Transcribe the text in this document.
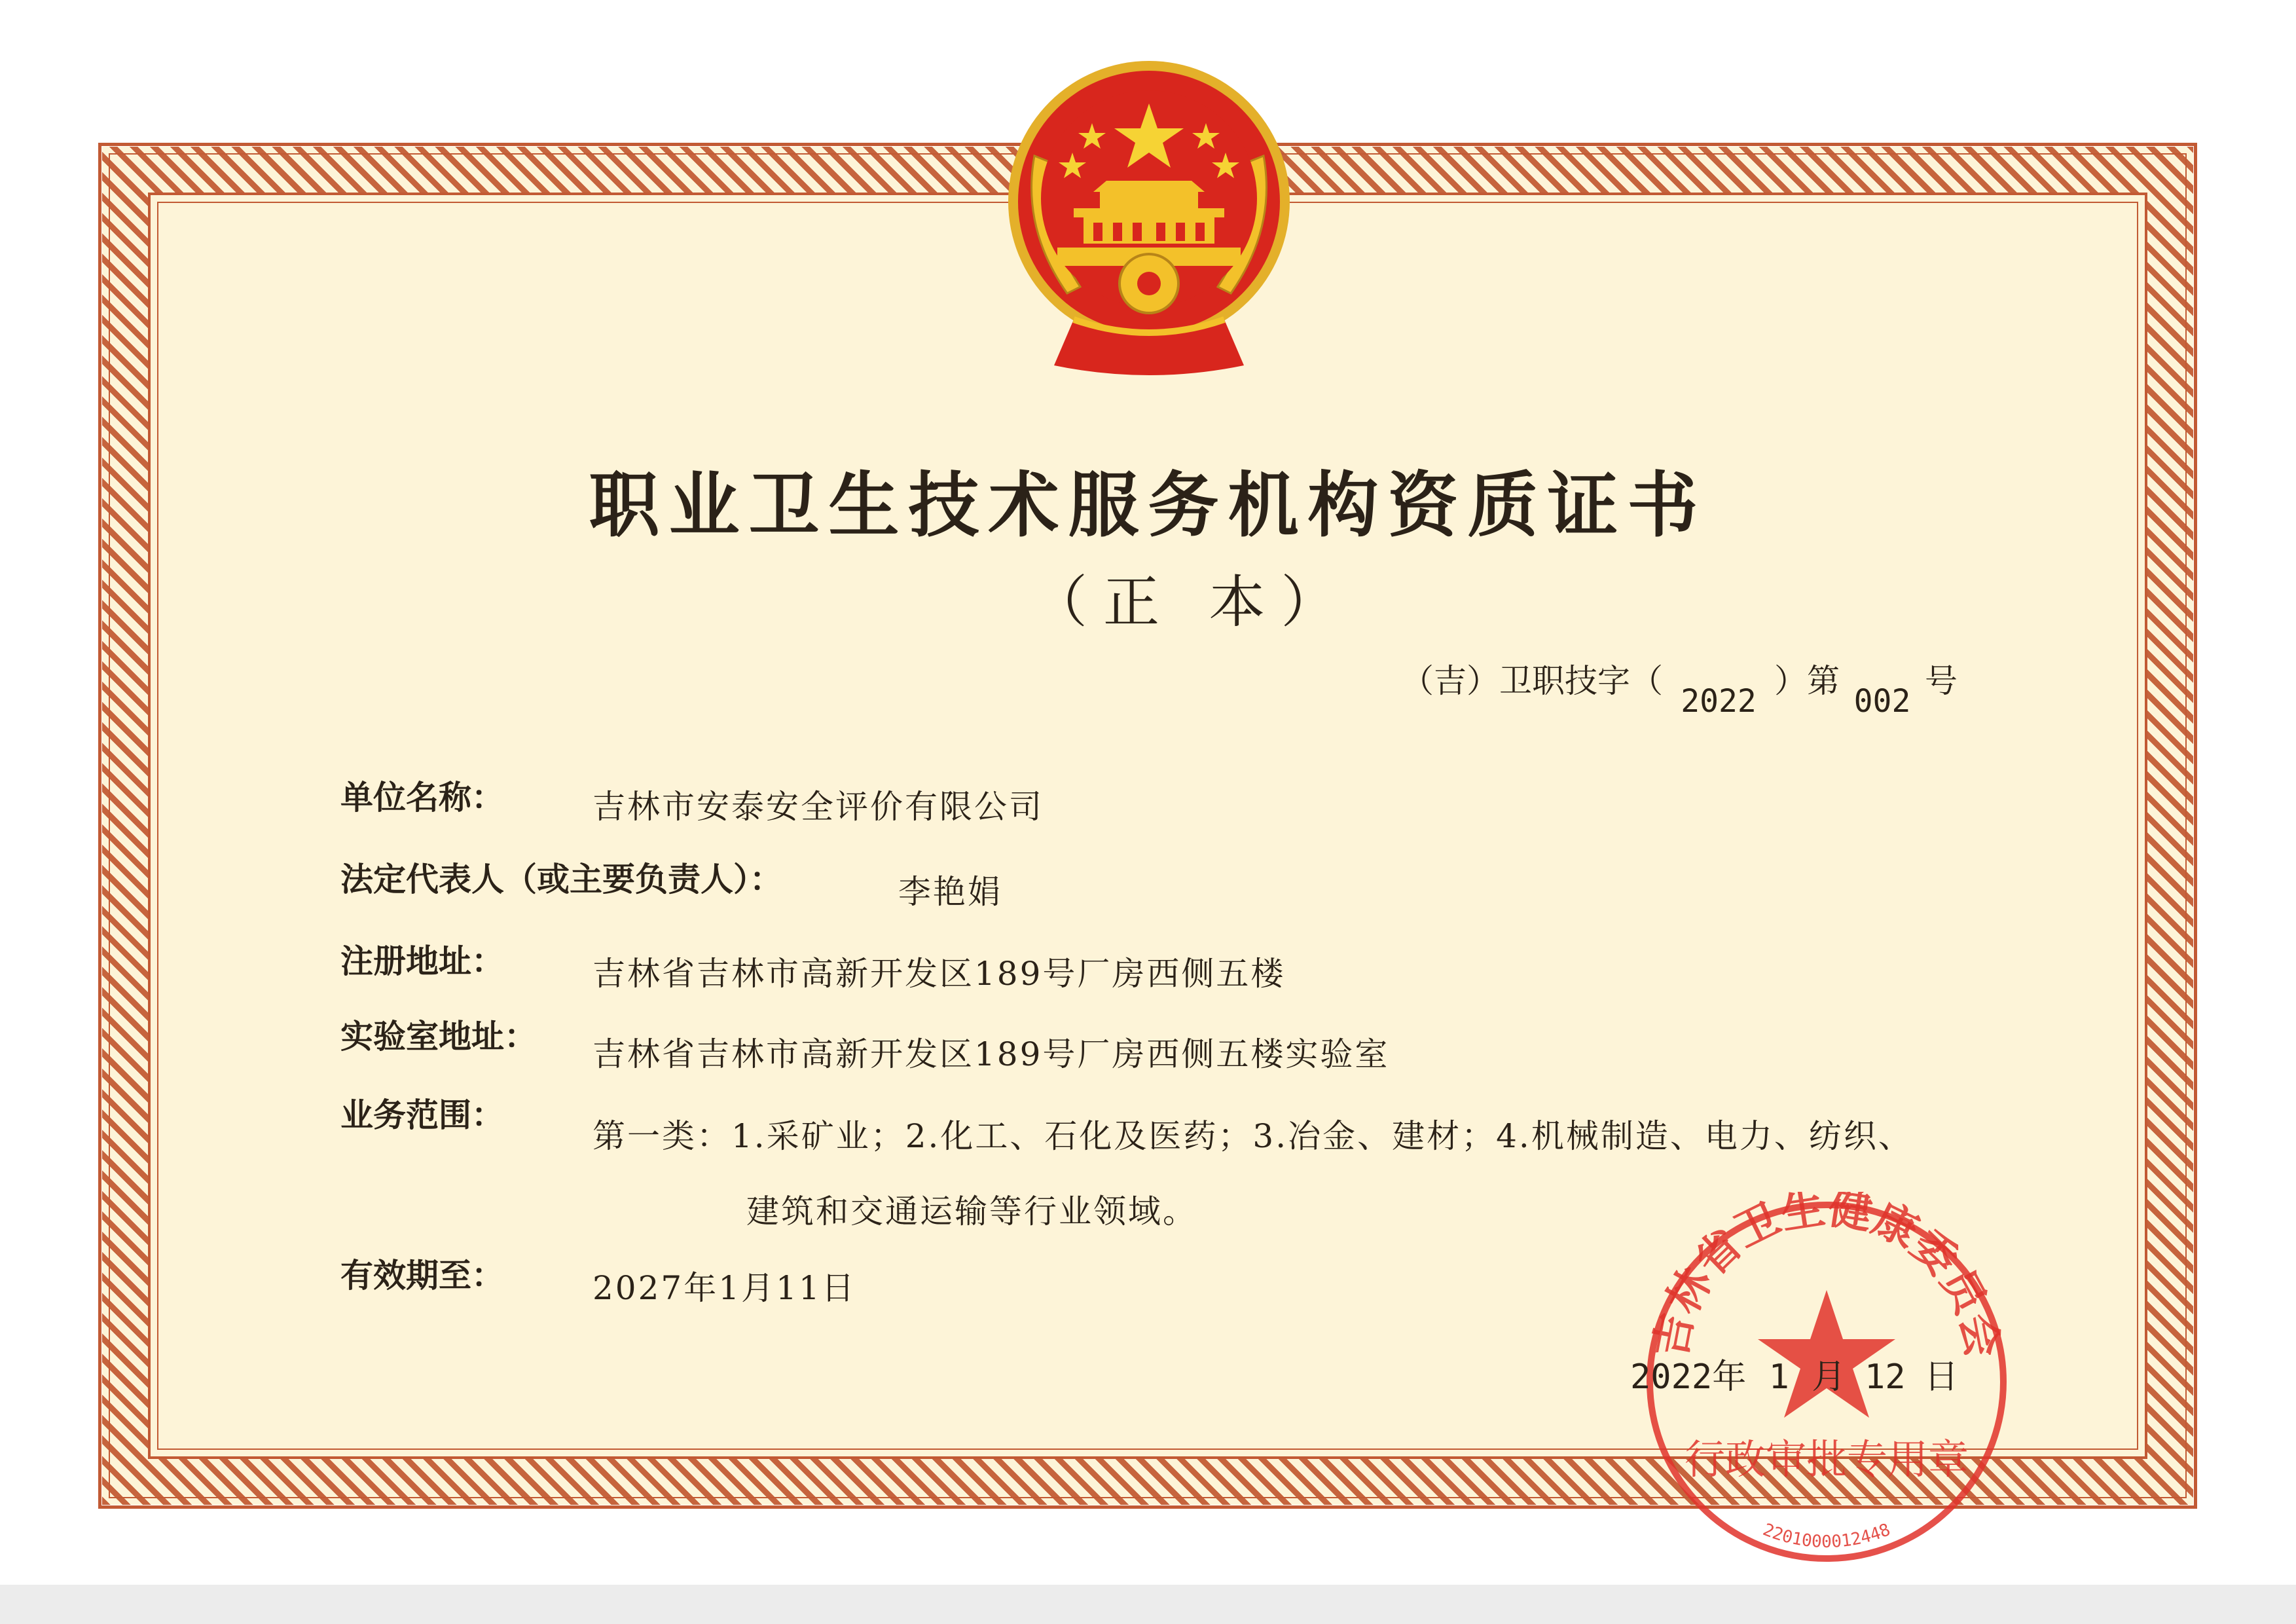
职业卫生技术服务机构资质证书
（正 本）
（吉）卫职技字（2022）第002号
单位名称：	吉林市安泰安全评价有限公司
法定代表人（或主要负责人）：	李艳娟
注册地址：	吉林省吉林市高新开发区189号厂房西侧五楼
实验室地址： 吉林省吉林市高新开发区189号厂房西侧五楼实验室
业务范围：
第一类：1.采矿业；2.化工、石化及医药；3.冶金、建材；4.机械制造、电力、纺织、
建筑和交通运输等行业领域。
有效期至：	2027年1月11日
吉林省卫生健康委员会
行政审批专用章
2201000012448
2022年 1 月 12 日
